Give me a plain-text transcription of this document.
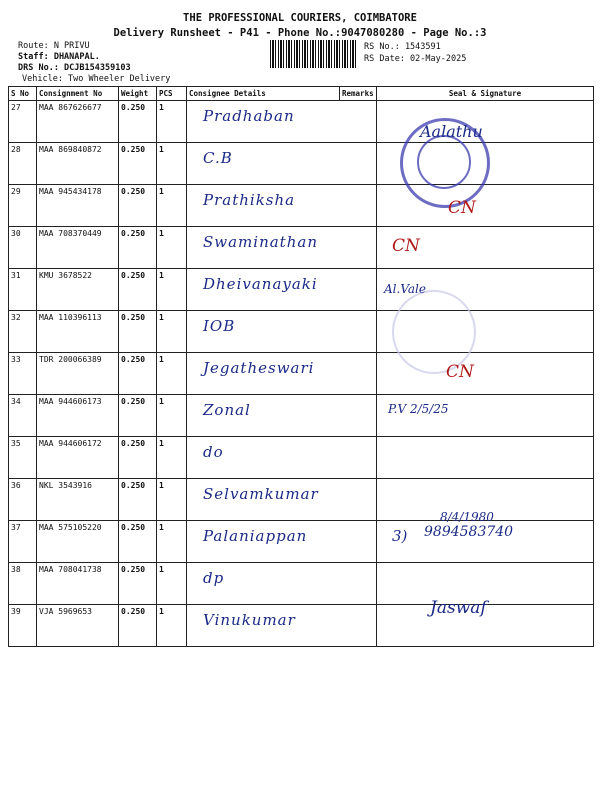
THE PROFESSIONAL COURIERS, COIMBATORE
Delivery Runsheet - P41 - Phone No.:9047080280 - Page No.:3
Route: N PRIVU
Staff: DHANAPAL.
DRS No.: DCJB154359103
Vehicle: Two Wheeler Delivery
RS No.: 1543591
RS Date: 02-May-2025
S No	Consignment No	Weight	PCS	Consignee Details	Remarks	Seal & Signature
27	MAA 867626677	0.250	1	Pradhaban		
28	MAA 869840872	0.250	1	C.B		
29	MAA 945434178	0.250	1	Prathiksha		
30	MAA 708370449	0.250	1	Swaminathan		
31	KMU 3678522	0.250	1	Dheivanayaki		
32	MAA 110396113	0.250	1	IOB		
33	TDR 200066389	0.250	1	Jegatheswari		
34	MAA 944606173	0.250	1	Zonal		
35	MAA 944606172	0.250	1	do		
36	NKL 3543916	0.250	1	Selvamkumar		
37	MAA 575105220	0.250	1	Palaniappan		
38	MAA 708041738	0.250	1	dp		
39	VJA 5969653	0.250	1	Vinukumar		
Aalathu
CN
CN
Al.Vale
CN
P.V 2/5/25
3)
8/4/1980
9894583740
Jaswaf
